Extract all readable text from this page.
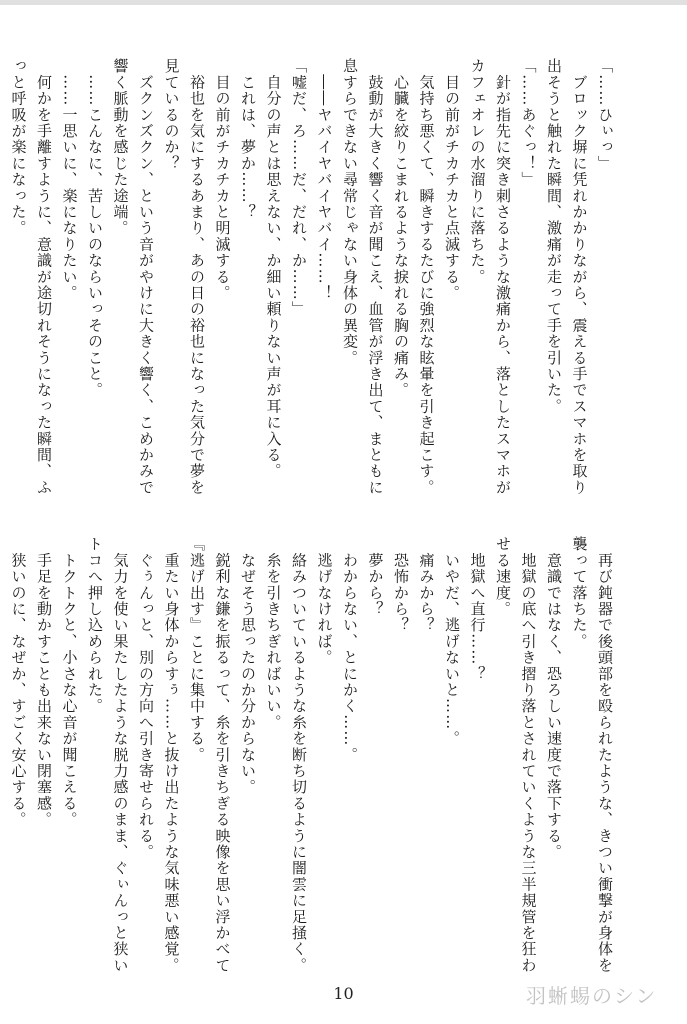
「……ひぃっ」

　ブロック塀に凭れかかりながら、震える手でスマホを取り

出そうと触れた瞬間、激痛が走って手を引いた。

「……あぐっ！」

　針が指先に突き刺さるような激痛から、落としたスマホが

カフェオレの水溜りに落ちた。

　目の前がチカチカと点滅する。

　気持ち悪くて、瞬きするたびに強烈な眩暈を引き起こす。

　心臓を絞りこまれるような捩れる胸の痛み。

　鼓動が大きく響く音が聞こえ、血管が浮き出て、まともに

息すらできない尋常じゃない身体の異変。

　――ヤバイヤバイヤバイ……！

「嘘だ、ろ……だ、だれ、か……」

　自分の声とは思えない、か細い頼りない声が耳に入る。

　これは、夢か……？

　目の前がチカチカと明滅する。

　裕也を気にするあまり、あの日の裕也になった気分で夢を

見ているのか？

　ズクンズクン、という音がやけに大きく響く、こめかみで

響く脈動を感じた途端。

　……こんなに、苦しいのならいっそのこと。

　……一思いに、楽になりたい。

　何かを手離すように、意識が途切れそうになった瞬間、ふ

っと呼吸が楽になった。

　再び鈍器で後頭部を殴られたような、きつい衝撃が身体を

襲って落ちた。

　意識ではなく、恐ろしい速度で落下する。

　地獄の底へ引き摺り落とされていくような三半規管を狂わ

せる速度。

　地獄へ直行……？

　いやだ、逃げないと……。

　痛みから？

　恐怖から？

　夢から？

　わからない、とにかく……。

　逃げなければ。

　絡みついているような糸を断ち切るように闇雲に足掻く。

　糸を引きちぎればいい。

　なぜそう思ったのか分からない。

　鋭利な鎌を振るって、糸を引きちぎる映像を思い浮かべて

『逃げ出す』ことに集中する。

　重たい身体からすぅ……と抜け出たような気味悪い感覚。

　ぐぅんっと、別の方向へ引き寄せられる。

　気力を使い果たしたような脱力感のまま、ぐぃんっと狭い

トコへ押し込められた。

　トクトクと、小さな心音が聞こえる。

　手足を動かすことも出来ない閉塞感。

　狭いのに、なぜか、すごく安心する。

10	羽蜥蜴のシン
